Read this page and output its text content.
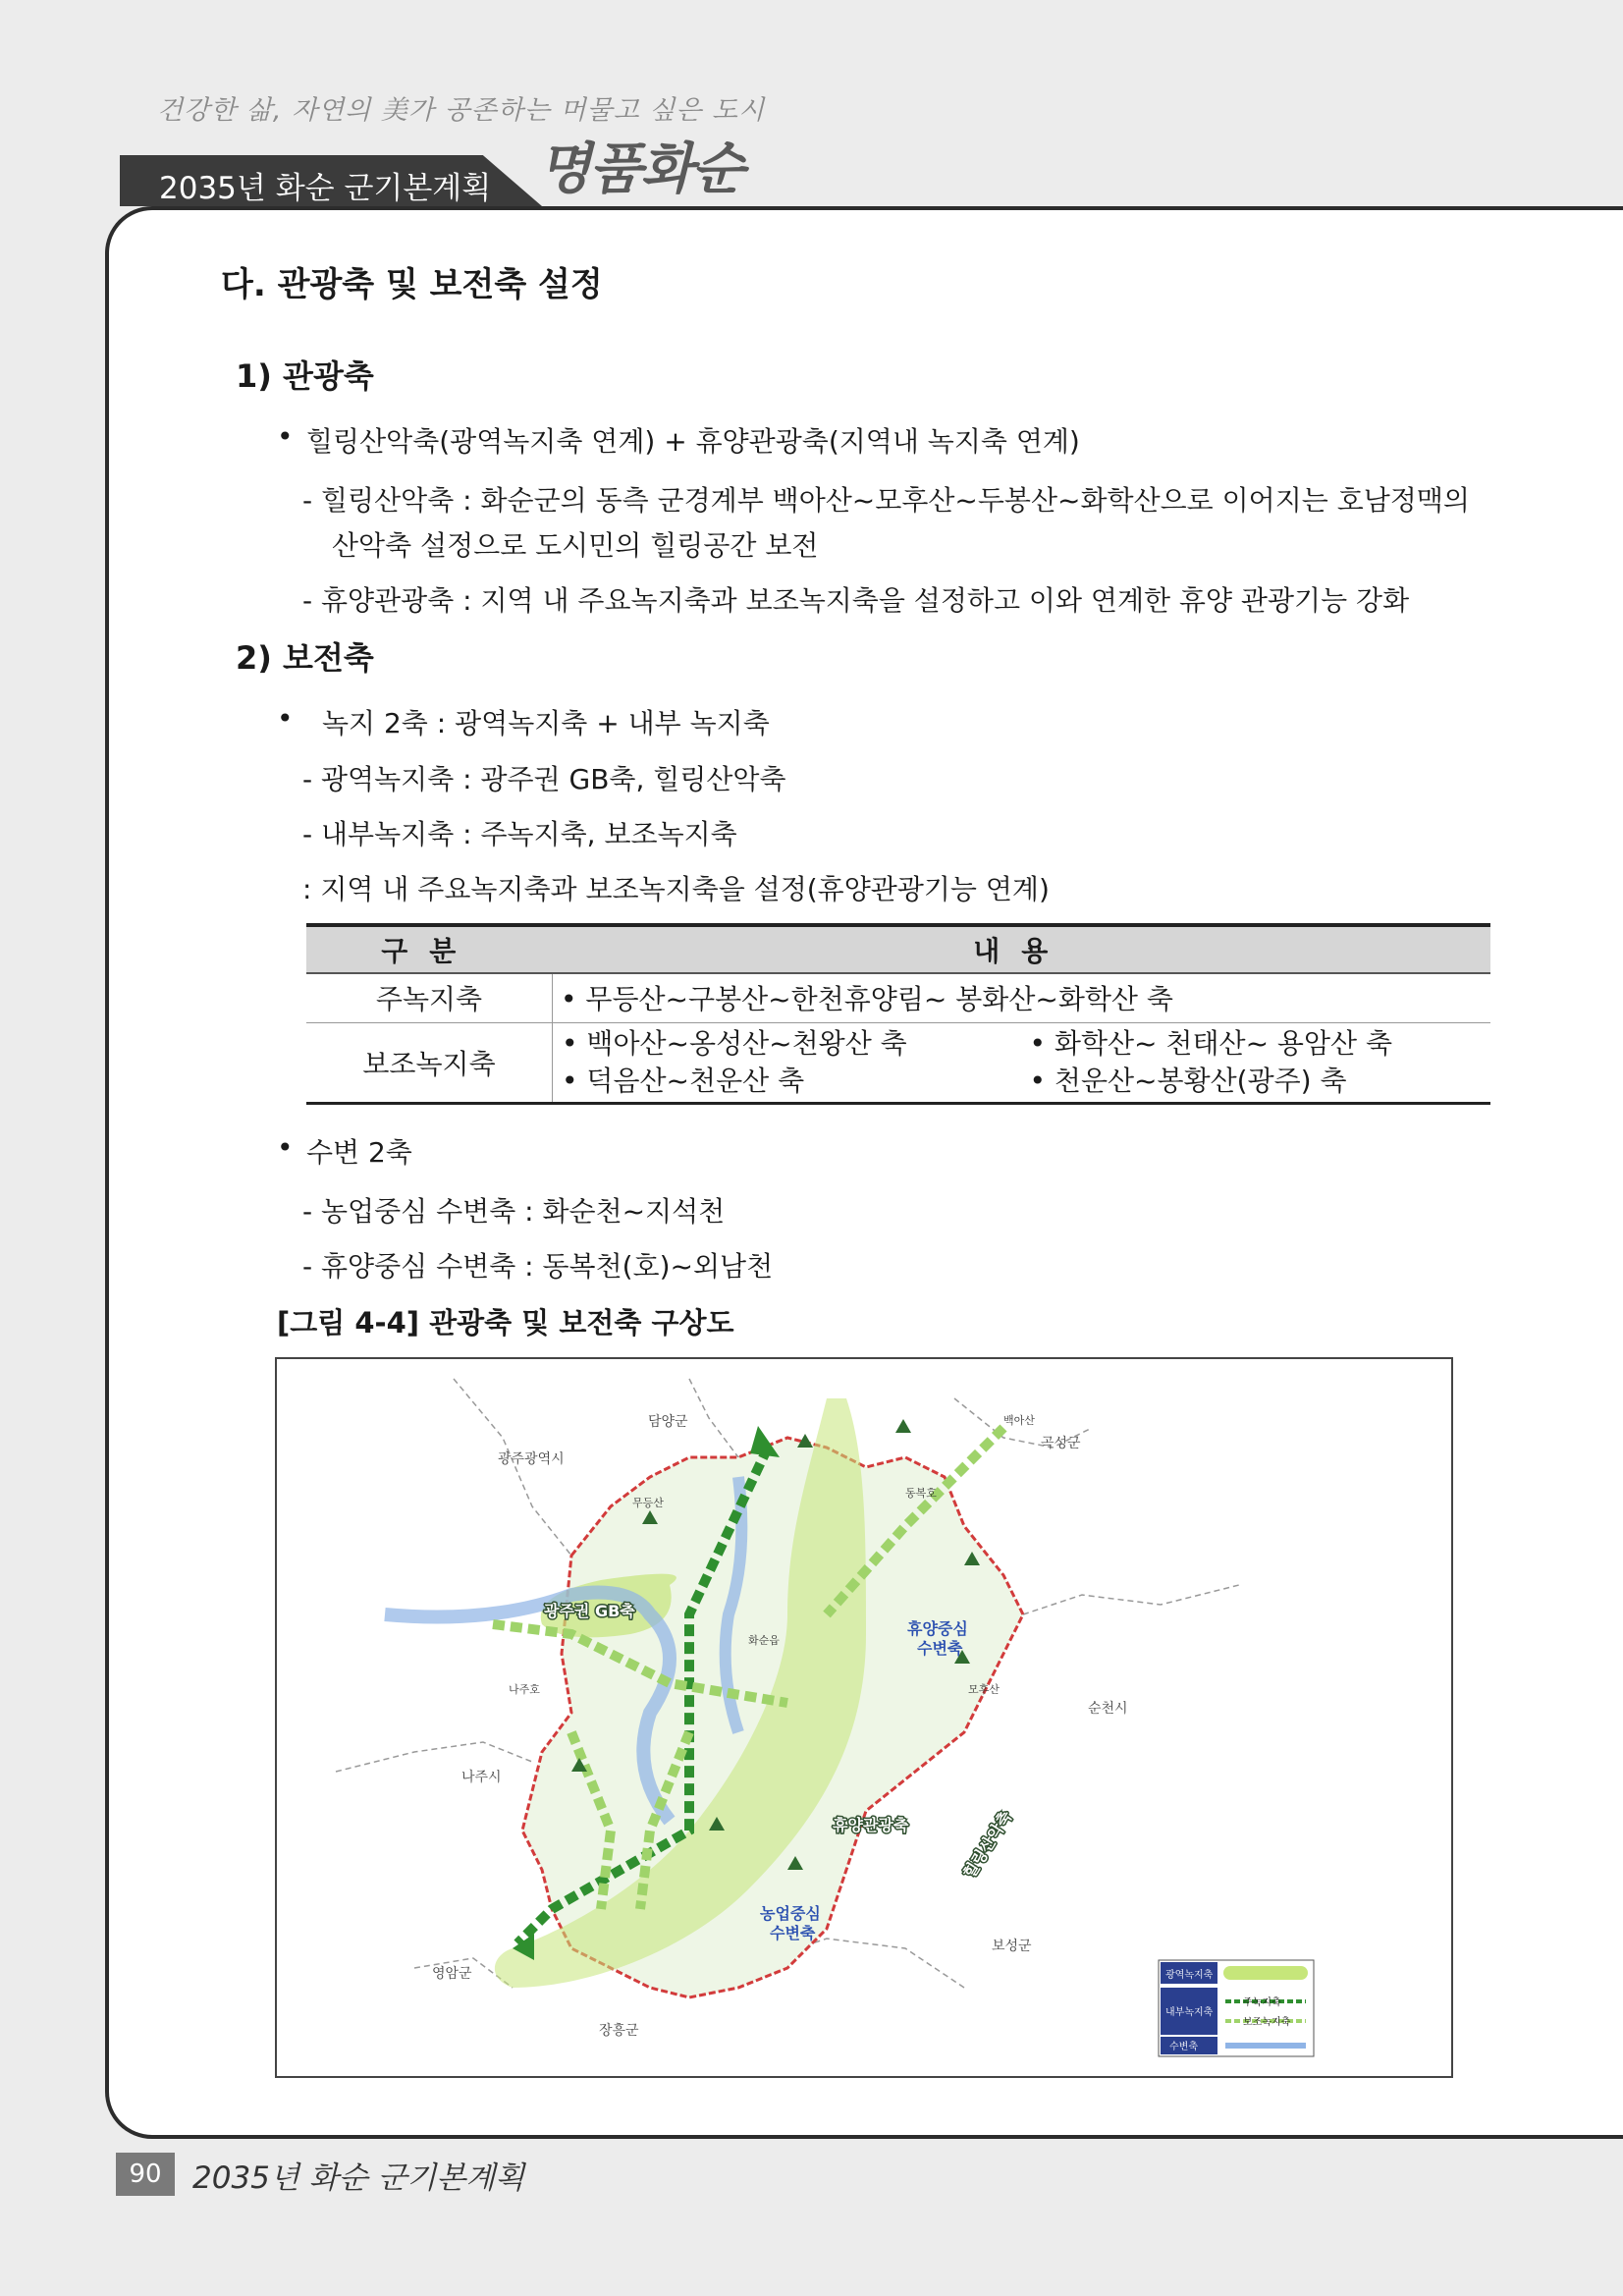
건강한 삶, 자연의 美가 공존하는 머물고 싶은 도시
2035년 화순 군기본계획 명품화순
다. 관광축 및 보전축 설정
1) 관광축
• 힐링산악축(광역녹지축 연계) + 휴양관광축(지역내 녹지축 연계)
- 힐링산악축 : 화순군의 동측 군경계부 백아산~모후산~두봉산~화학산으로 이어지는 호남정맥의
산악축 설정으로 도시민의 힐링공간 보전
- 휴양관광축 : 지역 내 주요녹지축과 보조녹지축을 설정하고 이와 연계한 휴양 관광기능 강화
2) 보전축
• 녹지 2축 : 광역녹지축 + 내부 녹지축
- 광역녹지축 : 광주권 GB축, 힐링산악축
- 내부녹지축 : 주녹지축, 보조녹지축
: 지역 내 주요녹지축과 보조녹지축을 설정(휴양관광기능 연계)
구분	내용
주녹지축	• 무등산~구봉산~한천휴양림~ 봉화산~화학산 축
보조녹지축	• 백아산~옹성산~천왕산 축 • 화학산~ 천태산~ 용암산 축
• 덕음산~천운산 축 • 천운산~봉황산(광주) 축
• 수변 2축
- 농업중심 수변축 : 화순천~지석천
- 휴양중심 수변축 : 동복천(호)~외남천
[그림 4-4] 관광축 및 보전축 구상도
담양군
광주광역시
곡성군
순천시
나주시
보성군
영암군
장흥군
나주호
무등산
백아산
모후산
동복호
화순읍
광주권 GB축
휴양중심 수변축
휴양관광축
농업중심 수변축
힐링산악축
광역녹지축
내부녹지축
수변축
주녹지축
보조녹지축
90	2035년 화순 군기본계획
